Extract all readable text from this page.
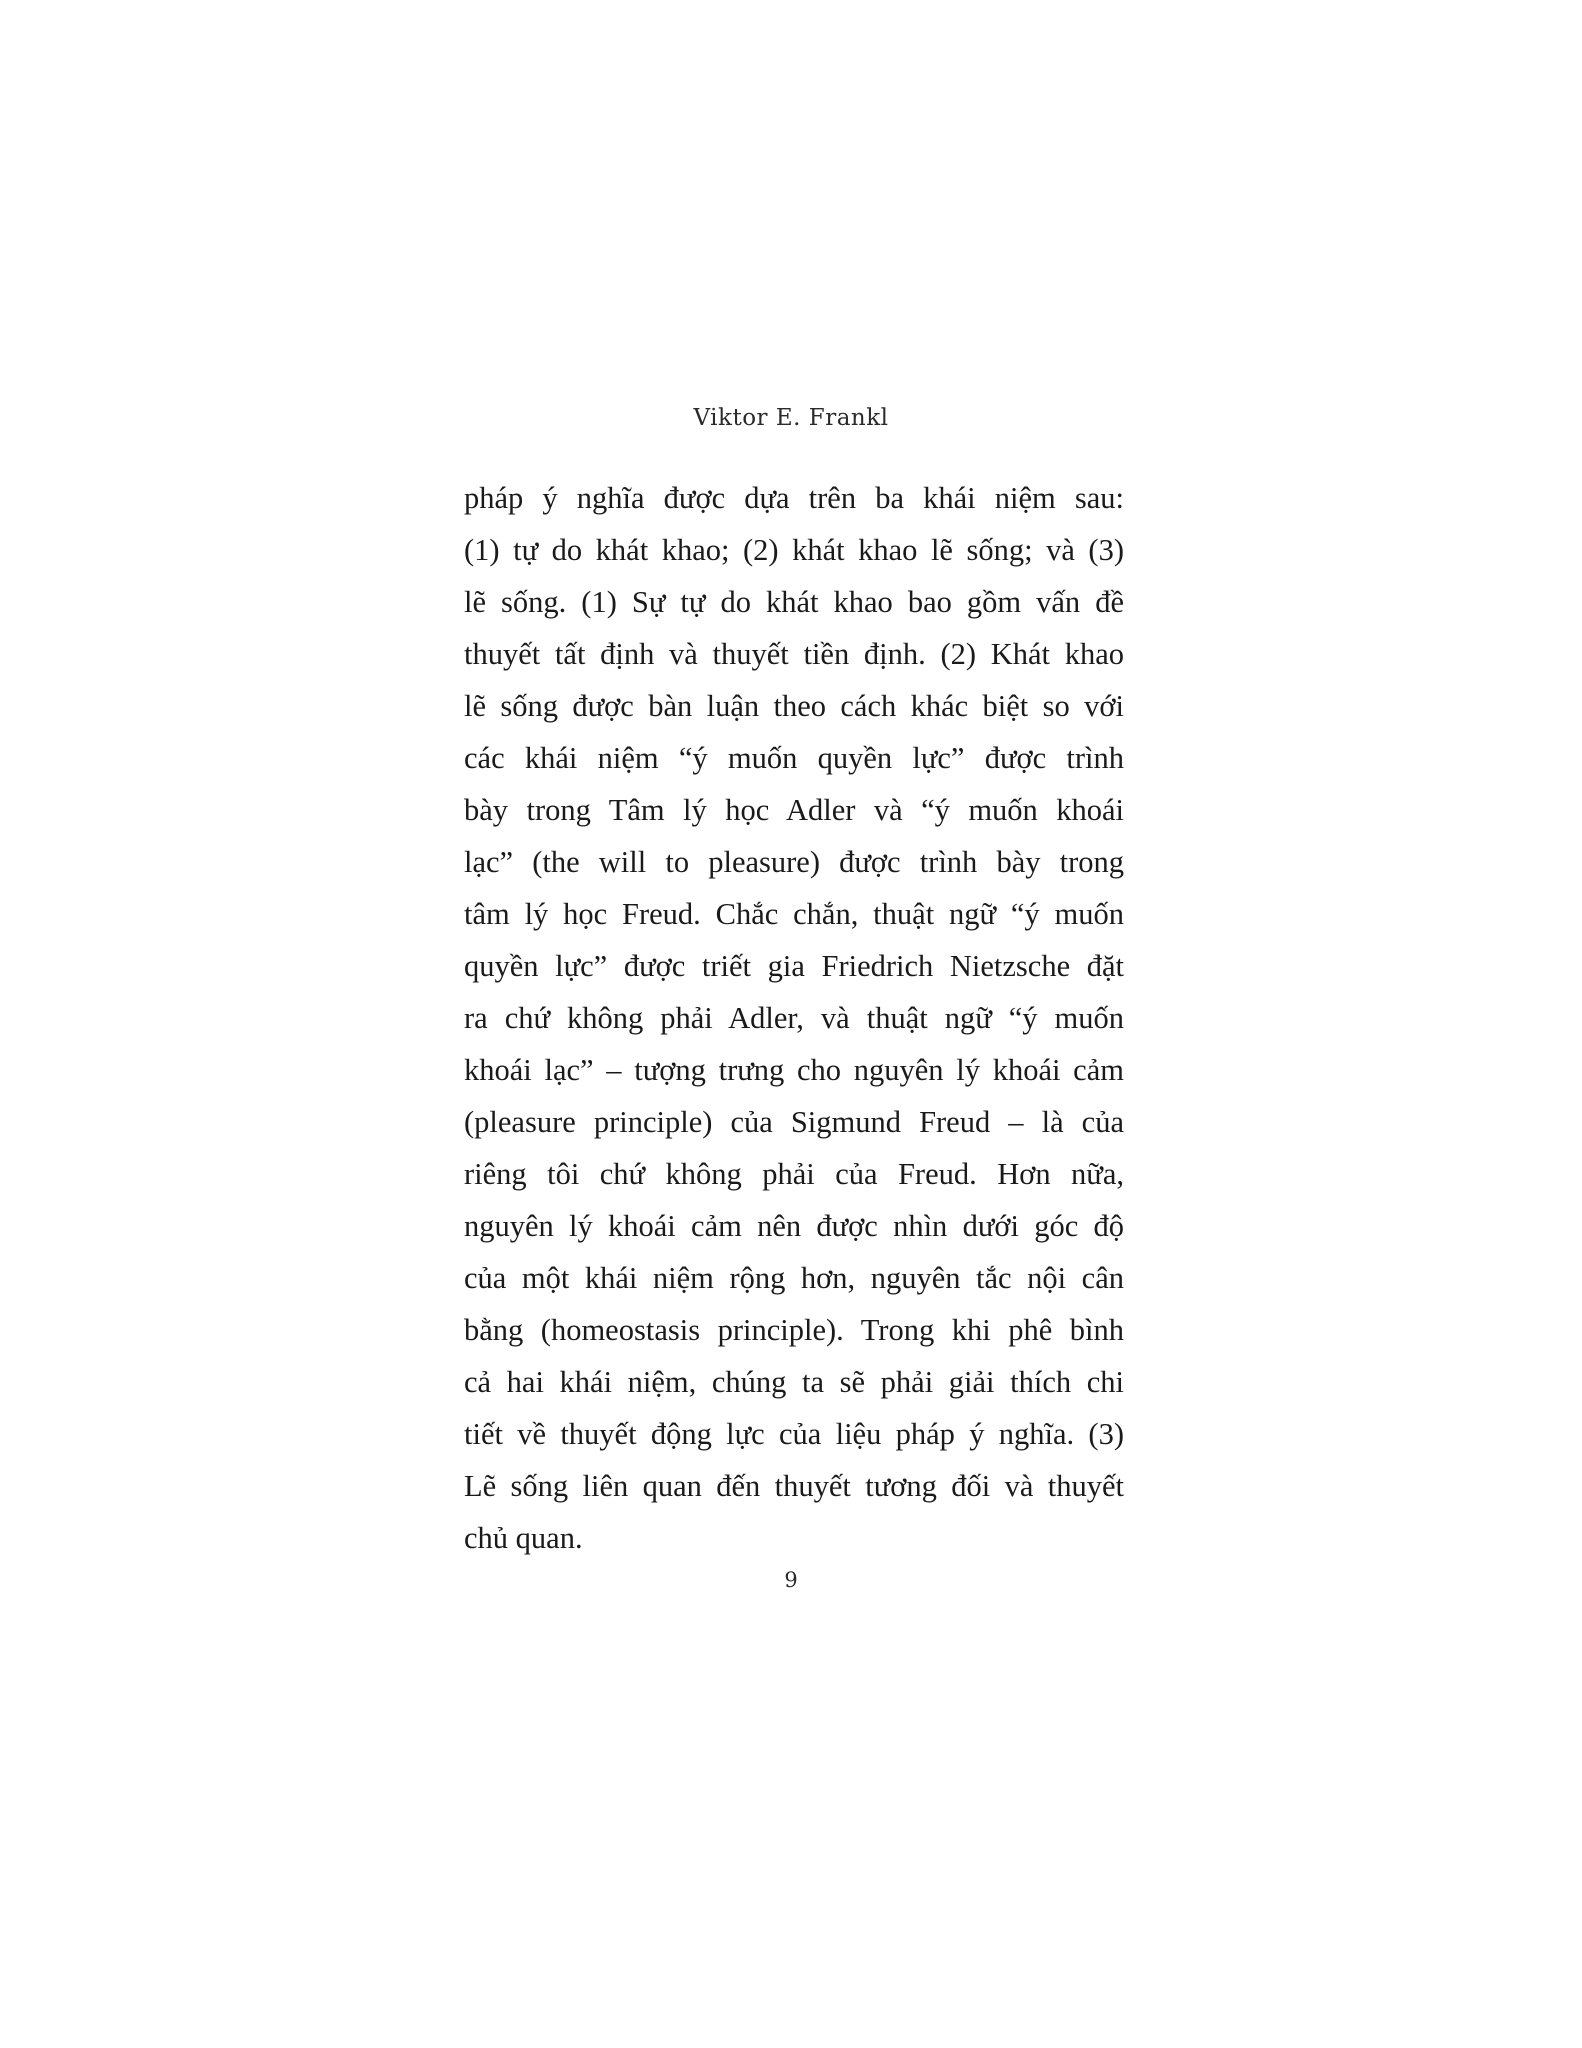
Viktor E. Frankl
pháp ý nghĩa được dựa trên ba khái niệm sau:
(1) tự do khát khao; (2) khát khao lẽ sống; và (3)
lẽ sống. (1) Sự tự do khát khao bao gồm vấn đề
thuyết tất định và thuyết tiền định. (2) Khát khao
lẽ sống được bàn luận theo cách khác biệt so với
các khái niệm “ý muốn quyền lực” được trình
bày trong Tâm lý học Adler và “ý muốn khoái
lạc” (the will to pleasure) được trình bày trong
tâm lý học Freud. Chắc chắn, thuật ngữ “ý muốn
quyền lực” được triết gia Friedrich Nietzsche đặt
ra chứ không phải Adler, và thuật ngữ “ý muốn
khoái lạc” – tượng trưng cho nguyên lý khoái cảm
(pleasure principle) của Sigmund Freud – là của
riêng tôi chứ không phải của Freud. Hơn nữa,
nguyên lý khoái cảm nên được nhìn dưới góc độ
của một khái niệm rộng hơn, nguyên tắc nội cân
bằng (homeostasis principle). Trong khi phê bình
cả hai khái niệm, chúng ta sẽ phải giải thích chi
tiết về thuyết động lực của liệu pháp ý nghĩa. (3)
Lẽ sống liên quan đến thuyết tương đối và thuyết
chủ quan.
9
